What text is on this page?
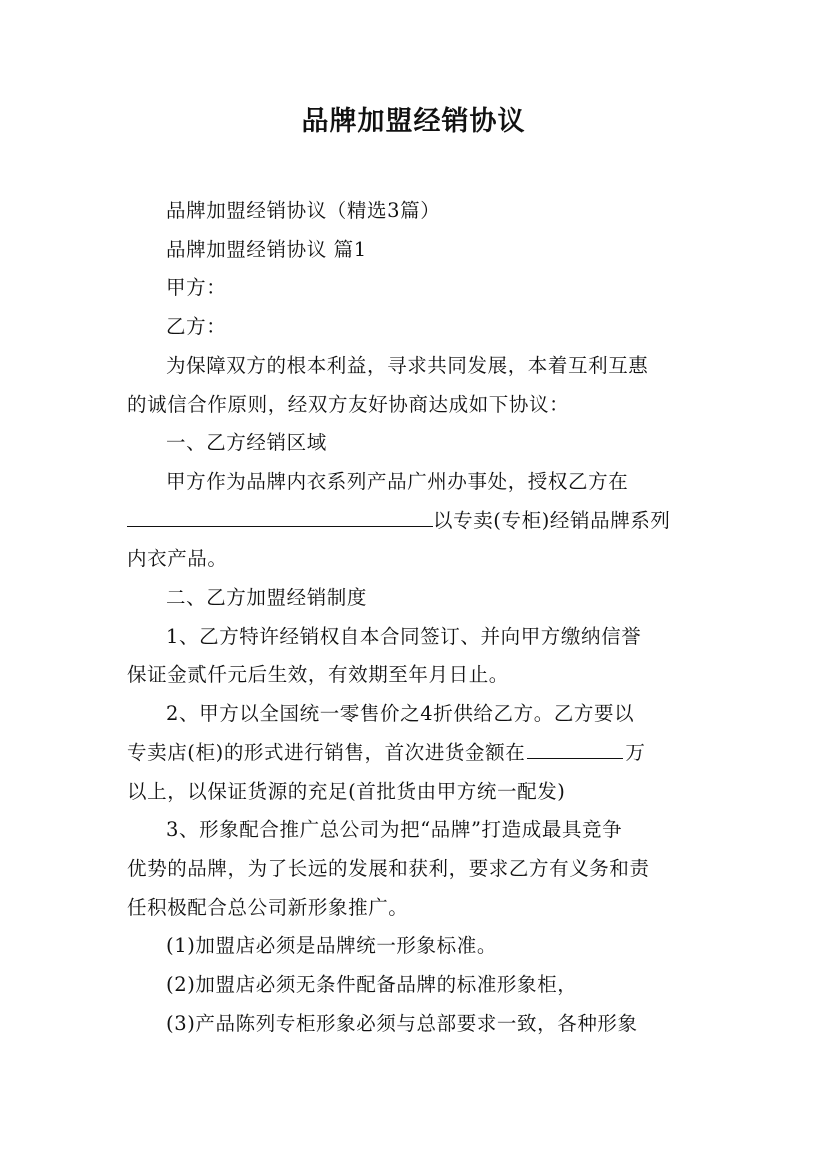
品牌加盟经销协议

品牌加盟经销协议（精选3篇）

品牌加盟经销协议 篇1

甲方：

乙方：

为保障双方的根本利益，寻求共同发展，本着互利互惠
的诚信合作原则，经双方友好协商达成如下协议：

一、乙方经销区域

甲方作为品牌内衣系列产品广州办事处，授权乙方在
以专卖(专柜)经销品牌系列
内衣产品。

二、乙方加盟经销制度

1、乙方特许经销权自本合同签订、并向甲方缴纳信誉
保证金贰仟元后生效，有效期至年月日止。

2、甲方以全国统一零售价之4折供给乙方。乙方要以
专卖店(柜)的形式进行销售，首次进货金额在	万
以上，以保证货源的充足(首批货由甲方统一配发)

3、形象配合推广总公司为把“品牌”打造成最具竞争
优势的品牌，为了长远的发展和获利，要求乙方有义务和责
任积极配合总公司新形象推广。

(1)加盟店必须是品牌统一形象标准。

(2)加盟店必须无条件配备品牌的标准形象柜，

(3)产品陈列专柜形象必须与总部要求一致，各种形象
